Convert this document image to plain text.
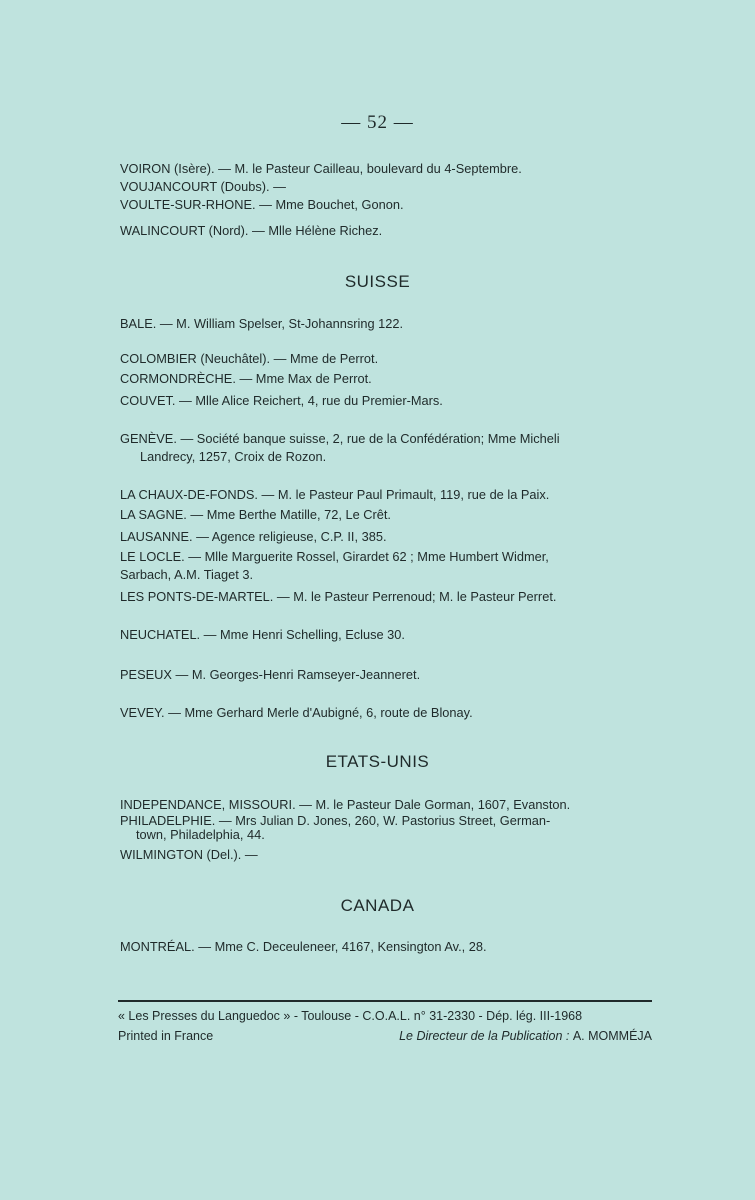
— 52 —
VOIRON (Isère). — M. le Pasteur Cailleau, boulevard du 4-Septembre.
VOUJANCOURT (Doubs). —
VOULTE-SUR-RHONE. — Mme Bouchet, Gonon.
WALINCOURT (Nord). — Mlle Hélène Richez.
SUISSE
BALE. — M. William Spelser, St-Johannsring 122.
COLOMBIER (Neuchâtel). — Mme de Perrot.
CORMONDRÈCHE. — Mme Max de Perrot.
COUVET. — Mlle Alice Reichert, 4, rue du Premier-Mars.
GENÈVE. — Société banque suisse, 2, rue de la Confédération; Mme Micheli
Landrecy, 1257, Croix de Rozon.
LA CHAUX-DE-FONDS. — M. le Pasteur Paul Primault, 119, rue de la Paix.
LA SAGNE. — Mme Berthe Matille, 72, Le Crêt.
LAUSANNE. — Agence religieuse, C.P. II, 385.
LE LOCLE. — Mlle Marguerite Rossel, Girardet 62 ; Mme Humbert Widmer,
Sarbach, A.M. Tiaget 3.
LES PONTS-DE-MARTEL. — M. le Pasteur Perrenoud; M. le Pasteur Perret.
NEUCHATEL. — Mme Henri Schelling, Ecluse 30.
PESEUX — M. Georges-Henri Ramseyer-Jeanneret.
VEVEY. — Mme Gerhard Merle d'Aubigné, 6, route de Blonay.
ETATS-UNIS
INDEPENDANCE, MISSOURI. — M. le Pasteur Dale Gorman, 1607, Evanston.
PHILADELPHIE. — Mrs Julian D. Jones, 260, W. Pastorius Street, German-
town, Philadelphia, 44.
WILMINGTON (Del.). —
CANADA
MONTRÉAL. — Mme C. Deceuleneer, 4167, Kensington Av., 28.
« Les Presses du Languedoc » - Toulouse - C.O.A.L. n° 31-2330 - Dép. lég. III-1968
Printed in France	Le Directeur de la Publication : A. MOMMÉJA
